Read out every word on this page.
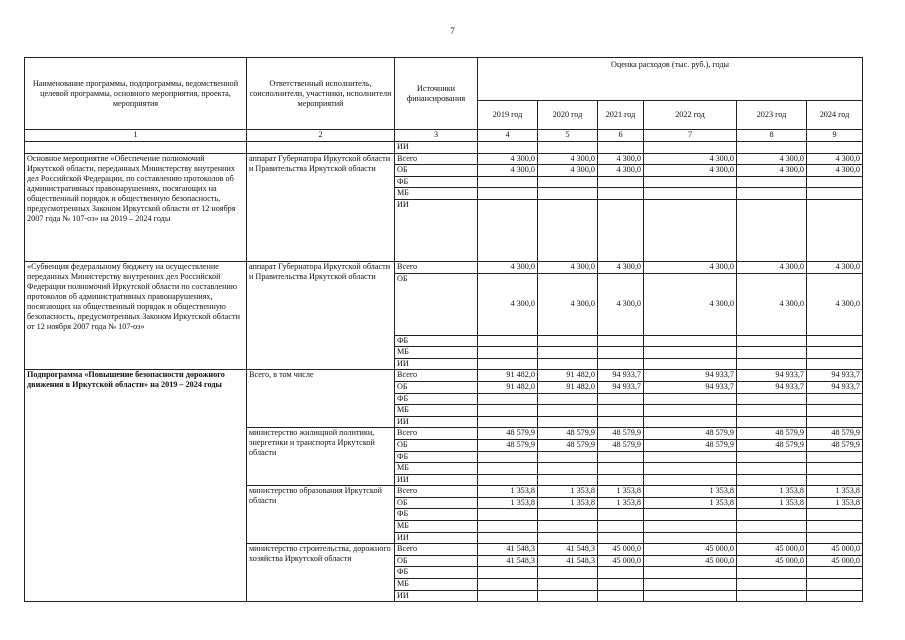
7
Наименование программы, подпрограммы, ведомственной целевой программы, основного мероприятия, проекта, мероприятия	Ответственный исполнитель, соисполнители, участники, исполнители мероприятий	Источники финансирования	Оценка расходов (тыс. руб.), годы					
			2019 год	2020 год	2021 год	2022 год	2023 год	2024 год
1	2	3	4	5	6	7	8	9
		ИИ						
Основное мероприятие «Обеспечение полномочий Иркутской области, переданных Министерству внутренних дел Российской Федерации, по составлению протоколов об административных правонарушениях, посягающих на общественный порядок и общественную безопасность, предусмотренных Законом Иркутской области от 12 ноября 2007 года № 107-оз» на 2019 – 2024 годы	аппарат Губернатора Иркутской области и Правительства Иркутской области	Всего	4 300,0	4 300,0	4 300,0	4 300,0	4 300,0	4 300,0
		ОБ	4 300,0	4 300,0	4 300,0	4 300,0	4 300,0	4 300,0
		ФБ						
		МБ						
		ИИ						
«Субвенция федеральному бюджету на осуществление переданных Министерству внутренних дел Российской Федерации полномочий Иркутской области по составлению протоколов об административных правонарушениях, посягающих на общественный порядок и общественную безопасность, предусмотренных Законом Иркутской области от 12 ноября 2007 года № 107-оз»	аппарат Губернатора Иркутской области и Правительства Иркутской области	Всего	4 300,0	4 300,0	4 300,0	4 300,0	4 300,0	4 300,0
		ОБ	4 300,0	4 300,0	4 300,0	4 300,0	4 300,0	4 300,0
		ФБ						
		МБ						
		ИИ						
Подпрограмма «Повышение безопасности дорожного движения в Иркутской области» на 2019 – 2024 годы	Всего, в том числе	Всего	91 482,0	91 482,0	94 933,7	94 933,7	94 933,7	94 933,7
		ОБ	91 482,0	91 482,0	94 933,7	94 933,7	94 933,7	94 933,7
		ФБ						
		МБ						
		ИИ						
	министерство жилищной политики, энергетики и транспорта Иркутской области	Всего	48 579,9	48 579,9	48 579,9	48 579,9	48 579,9	48 579,9
		ОБ	48 579,9	48 579,9	48 579,9	48 579,9	48 579,9	48 579,9
		ФБ						
		МБ						
		ИИ						
	министерство образования Иркутской области	Всего	1 353,8	1 353,8	1 353,8	1 353,8	1 353,8	1 353,8
		ОБ	1 353,8	1 353,8	1 353,8	1 353,8	1 353,8	1 353,8
		ФБ						
		МБ						
		ИИ						
	министерство строительства, дорожного хозяйства Иркутской области	Всего	41 548,3	41 548,3	45 000,0	45 000,0	45 000,0	45 000,0
		ОБ	41 548,3	41 548,3	45 000,0	45 000,0	45 000,0	45 000,0
		ФБ						
		МБ						
		ИИ						
